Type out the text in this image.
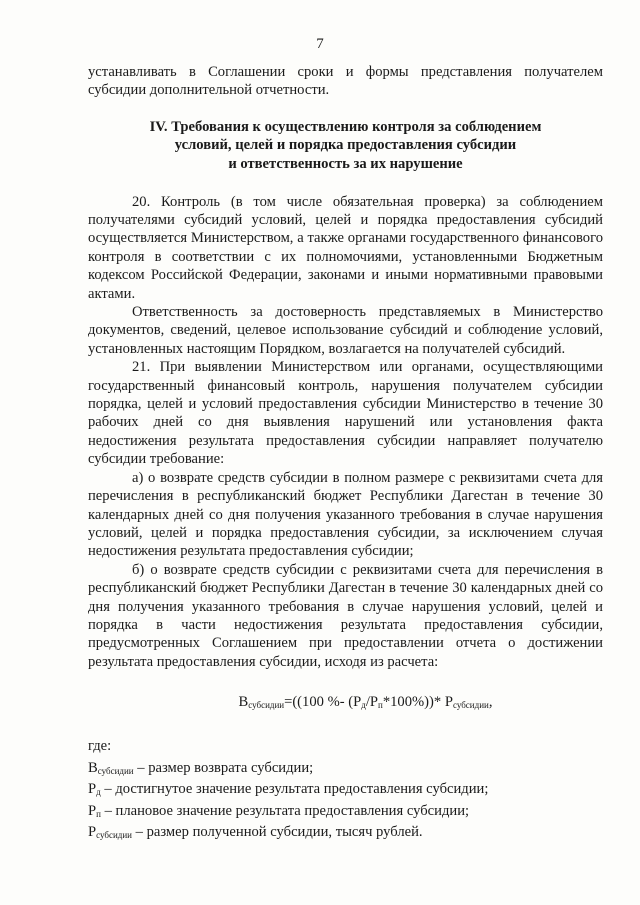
7

устанавливать в Соглашении сроки и формы представления получателем субсидии дополнительной отчетности.

IV. Требования к осуществлению контроля за соблюдением
условий, целей и порядка предоставления субсидии
и ответственность за их нарушение

20. Контроль (в том числе обязательная проверка) за соблюдением получателями субсидий условий, целей и порядка предоставления субсидий осуществляется Министерством, а также органами государственного финансового контроля в соответствии с их полномочиями, установленными Бюджетным кодексом Российской Федерации, законами и иными нормативными правовыми актами.

Ответственность за достоверность представляемых в Министерство документов, сведений, целевое использование субсидий и соблюдение условий, установленных настоящим Порядком, возлагается на получателей субсидий.

21. При выявлении Министерством или органами, осуществляющими государственный финансовый контроль, нарушения получателем субсидии порядка, целей и условий предоставления субсидии Министерство в течение 30 рабочих дней со дня выявления нарушений или установления факта недостижения результата предоставления субсидии направляет получателю субсидии требование:

а) о возврате средств субсидии в полном размере с реквизитами счета для перечисления в республиканский бюджет Республики Дагестан в течение 30 календарных дней со дня получения указанного требования в случае нарушения условий, целей и порядка предоставления субсидии, за исключением случая недостижения результата предоставления субсидии;

б) о возврате средств субсидии с реквизитами счета для перечисления в республиканский бюджет Республики Дагестан в течение 30 календарных дней со дня получения указанного требования в случае нарушения условий, целей и порядка в части недостижения результата предоставления субсидии, предусмотренных Соглашением при предоставлении отчета о достижении результата предоставления субсидии, исходя из расчета:

$В_{субсидии}=((100$ %- $(Р_д/Р_п*100\%))*$ $Р_{субсидии}$,
где:
$В_{субсидии}$ – размер возврата субсидии;
$Р_д$ – достигнутое значение результата предоставления субсидии;
$Р_п$ – плановое значение результата предоставления субсидии;
$Р_{субсидии}$ – размер полученной субсидии, тысяч рублей.
